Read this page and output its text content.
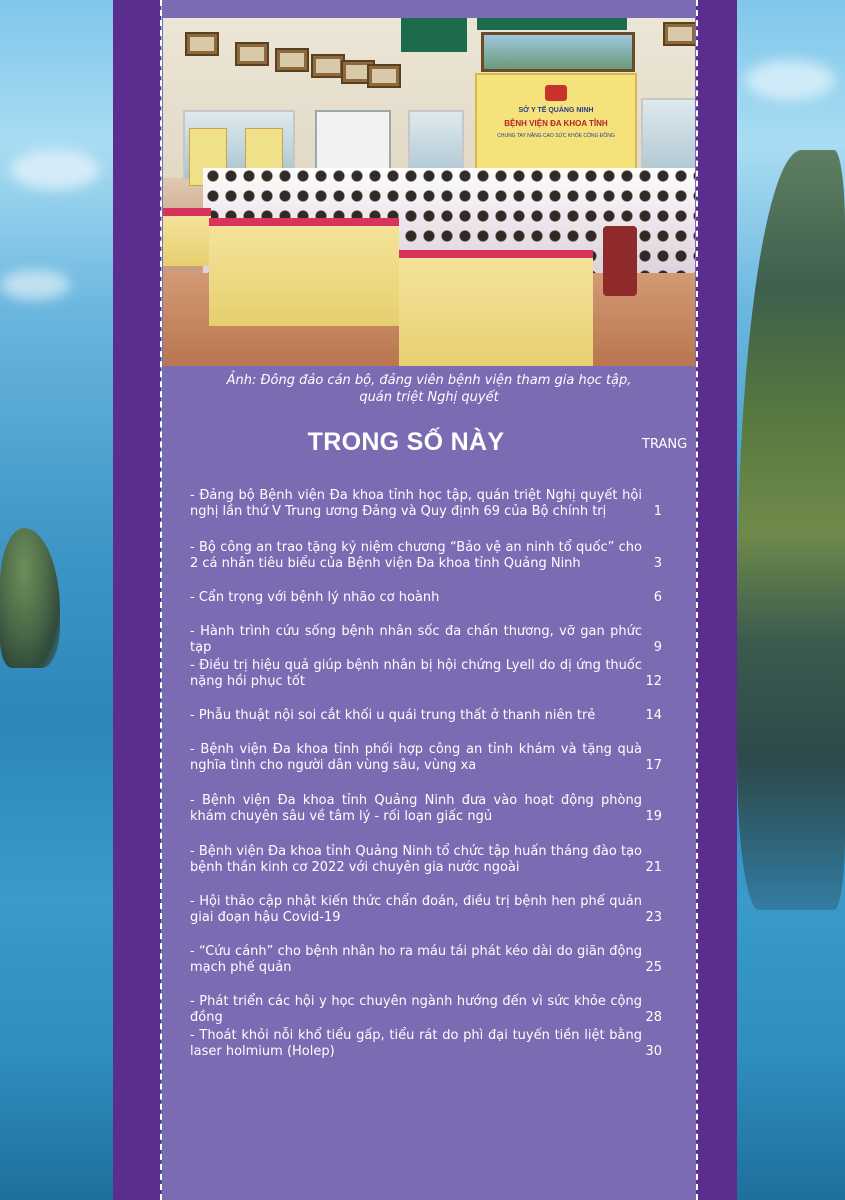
SỞ Y TẾ QUẢNG NINH
BỆNH VIỆN ĐA KHOA TỈNH
CHUNG TAY NÂNG CAO SỨC KHỎE CỘNG ĐỒNG
Ảnh: Đông đảo cán bộ, đảng viên bệnh viện tham gia học tập,
quán triệt Nghị quyết
TRONG SỐ NÀY	TRANG
- Đảng bộ Bệnh viện Đa khoa tỉnh học tập, quán triệt Nghị quyết hội nghị lần thứ V Trung ương Đảng và Quy định 69 của Bộ chính trị	1
- Bộ công an trao tặng kỷ niệm chương “Bảo vệ an ninh tổ quốc” cho 2 cá nhân tiêu biểu của Bệnh viện Đa khoa tỉnh Quảng Ninh	3
- Cẩn trọng với bệnh lý nhão cơ hoành	6
- Hành trình cứu sống bệnh nhân sốc đa chấn thương, vỡ gan phức tạp	9
- Điều trị hiệu quả giúp bệnh nhân bị hội chứng Lyell do dị ứng thuốc nặng hồi phục tốt	12
- Phẫu thuật nội soi cắt khối u quái trung thất ở thanh niên trẻ	14
- Bệnh viện Đa khoa tỉnh phối hợp công an tỉnh khám và tặng quà nghĩa tình cho người dân vùng sâu, vùng xa	17
- Bệnh viện Đa khoa tỉnh Quảng Ninh đưa vào hoạt động phòng khám chuyên sâu về tâm lý - rối loạn giấc ngủ	19
- Bệnh viện Đa khoa tỉnh Quảng Ninh tổ chức tập huấn tháng đào tạo bệnh thần kinh cơ 2022 với chuyên gia nước ngoài	21
- Hội thảo cập nhật kiến thức chẩn đoán, điều trị bệnh hen phế quản giai đoạn hậu Covid-19	23
- “Cứu cánh” cho bệnh nhân ho ra máu tái phát kéo dài do giãn động mạch phế quản	25
- Phát triển các hội y học chuyên ngành hướng đến vì sức khỏe cộng đồng	28
- Thoát khỏi nỗi khổ tiểu gấp, tiểu rát do phì đại tuyến tiền liệt bằng laser holmium (Holep)	30
